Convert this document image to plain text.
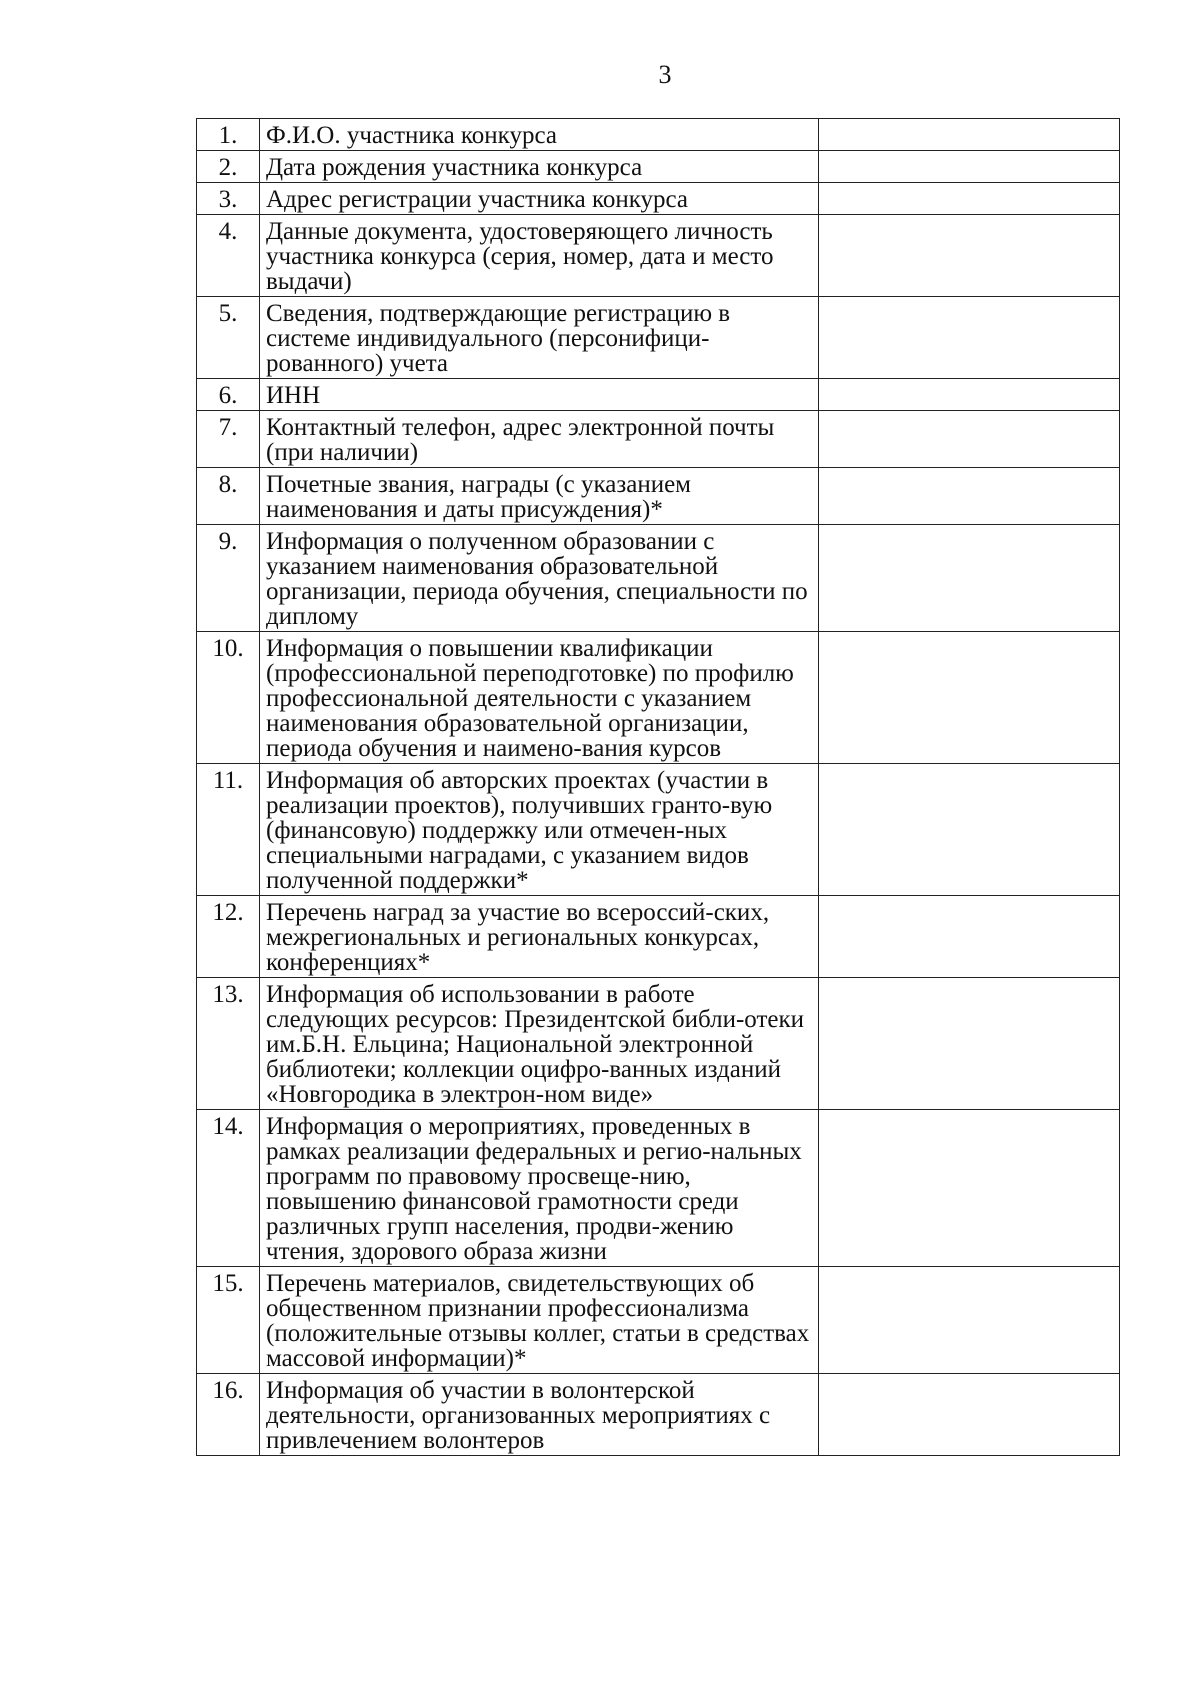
3
1.	Ф.И.О. участника конкурса	
2.	Дата рождения участника конкурса	
3.	Адрес регистрации участника конкурса	
4.	Данные документа, удостоверяющего личность участника конкурса (серия, номер, дата и место выдачи)	
5.	Сведения, подтверждающие регистрацию в системе индивидуального (персонифици-рованного) учета	
6.	ИНН	
7.	Контактный телефон, адрес электронной почты (при наличии)	
8.	Почетные звания, награды (с указанием наименования и даты присуждения)*	
9.	Информация о полученном образовании с указанием наименования образовательной организации, периода обучения, специальности по диплому	
10.	Информация о повышении квалификации (профессиональной переподготовке) по профилю профессиональной деятельности с указанием наименования образовательной организации, периода обучения и наимено-вания курсов	
11.	Информация об авторских проектах (участии в реализации проектов), получивших гранто-вую (финансовую) поддержку или отмечен-ных специальными наградами, с указанием видов полученной поддержки*	
12.	Перечень наград за участие во всероссий-ских, межрегиональных и региональных конкурсах, конференциях*	
13.	Информация об использовании в работе следующих ресурсов: Президентской библи-отеки им.Б.Н. Ельцина; Национальной электронной библиотеки; коллекции оцифро-ванных изданий «Новгородика в электрон-ном виде»	
14.	Информация о мероприятиях, проведенных в рамках реализации федеральных и регио-нальных программ по правовому просвеще-нию, повышению финансовой грамотности среди различных групп населения, продви-жению чтения, здорового образа жизни	
15.	Перечень материалов, свидетельствующих об общественном признании профессионализма (положительные отзывы коллег, статьи в средствах массовой информации)*	
16.	Информация об участии в волонтерской деятельности, организованных мероприятиях с привлечением волонтеров	
